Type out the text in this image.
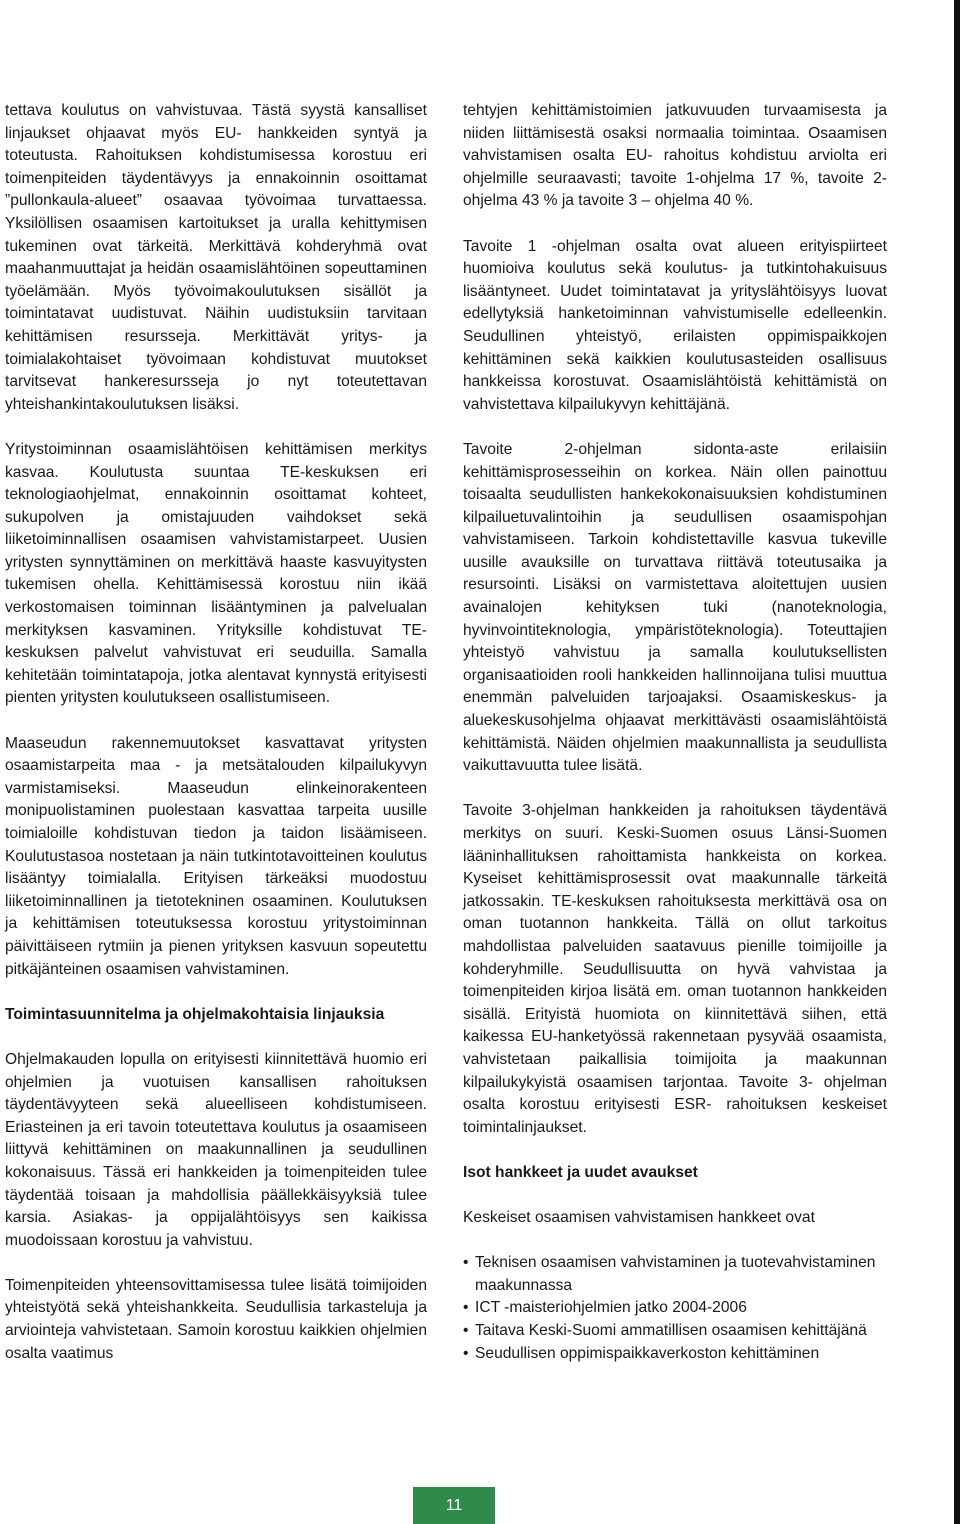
tettava koulutus on vahvistuvaa. Tästä syystä kansalliset linjaukset ohjaavat myös EU- hankkeiden syntyä ja toteutusta. Rahoituksen kohdistumisessa korostuu eri toimenpiteiden täydentävyys ja ennakoinnin osoittamat ”pullonkaula-alueet” osaavaa työvoimaa turvattaessa. Yksilöllisen osaamisen kartoitukset ja uralla kehittymisen tukeminen ovat tärkeitä. Merkittävä kohderyhmä ovat maahanmuuttajat ja heidän osaamislähtöinen sopeuttaminen työelämään. Myös työvoimakoulutuksen sisällöt ja toimintatavat uudistuvat. Näihin uudistuksiin tarvitaan kehittämisen resursseja. Merkittävät yritys- ja toimialakohtaiset työvoimaan kohdistuvat muutokset tarvitsevat hankeresursseja jo nyt toteutettavan yhteishankintakoulutuksen lisäksi.

Yritystoiminnan osaamislähtöisen kehittämisen merkitys kasvaa. Koulutusta suuntaa TE-keskuksen eri teknologiaohjelmat, ennakoinnin osoittamat kohteet, sukupolven ja omistajuuden vaihdokset sekä liiketoiminnallisen osaamisen vahvistamistarpeet. Uusien yritysten synnyttäminen on merkittävä haaste kasvuyitysten tukemisen ohella. Kehittämisessä korostuu niin ikää verkostomaisen toiminnan lisääntyminen ja palvelualan merkityksen kasvaminen. Yrityksille kohdistuvat TE-keskuksen palvelut vahvistuvat eri seuduilla. Samalla kehitetään toimintatapoja, jotka alentavat kynnystä erityisesti pienten yritysten koulutukseen osallistumiseen.

Maaseudun rakennemuutokset kasvattavat yritysten osaamistarpeita maa - ja metsätalouden kilpailukyvyn varmistamiseksi. Maaseudun elinkeinorakenteen monipuolistaminen puolestaan kasvattaa tarpeita uusille toimialoille kohdistuvan tiedon ja taidon lisäämiseen. Koulutustasoa nostetaan ja näin tutkintotavoitteinen koulutus lisääntyy toimialalla. Erityisen tärkeäksi muodostuu liiketoiminnallinen ja tietotekninen osaaminen. Koulutuksen ja kehittämisen toteutuksessa korostuu yritystoiminnan päivittäiseen rytmiin ja pienen yrityksen kasvuun sopeutettu pitkäjänteinen osaamisen vahvistaminen.

Toimintasuunnitelma ja ohjelmakohtaisia linjauksia

Ohjelmakauden lopulla on erityisesti kiinnitettävä huomio eri ohjelmien ja vuotuisen kansallisen rahoituksen täydentävyyteen sekä alueelliseen kohdistumiseen. Eriasteinen ja eri tavoin toteutettava koulutus ja osaamiseen liittyvä kehittäminen on maakunnallinen ja seudullinen kokonaisuus. Tässä eri hankkeiden ja toimenpiteiden tulee täydentää toisaan ja mahdollisia päällekkäisyyksiä tulee karsia. Asiakas- ja oppijalähtöisyys sen kaikissa muodoissaan korostuu ja vahvistuu.

Toimenpiteiden yhteensovittamisessa tulee lisätä toimijoiden yhteistyötä sekä yhteishankkeita. Seudullisia tarkasteluja ja arviointeja vahvistetaan. Samoin korostuu kaikkien ohjelmien osalta vaatimus

tehtyjen kehittämistoimien jatkuvuuden turvaamisesta ja niiden liittämisestä osaksi normaalia toimintaa. Osaamisen vahvistamisen osalta EU- rahoitus kohdistuu arviolta eri ohjelmille seuraavasti; tavoite 1-ohjelma 17 %, tavoite 2-ohjelma 43 % ja tavoite 3 – ohjelma 40 %.

Tavoite 1 -ohjelman osalta ovat alueen erityispiirteet huomioiva koulutus sekä koulutus- ja tutkintohakuisuus lisääntyneet. Uudet toimintatavat ja yrityslähtöisyys luovat edellytyksiä hanketoiminnan vahvistumiselle edelleenkin. Seudullinen yhteistyö, erilaisten oppimispaikkojen kehittäminen sekä kaikkien koulutusasteiden osallisuus hankkeissa korostuvat. Osaamislähtöistä kehittämistä on vahvistettava kilpailukyvyn kehittäjänä.

Tavoite 2-ohjelman sidonta-aste erilaisiin kehittämisprosesseihin on korkea. Näin ollen painottuu toisaalta seudullisten hankekokonaisuuksien kohdistuminen kilpailuetuvalintoihin ja seudullisen osaamispohjan vahvistamiseen. Tarkoin kohdistettaville kasvua tukeville uusille avauksille on turvattava riittävä toteutusaika ja resursointi. Lisäksi on varmistettava aloitettujen uusien avainalojen kehityksen tuki (nanoteknologia, hyvinvointiteknologia, ympäristöteknologia). Toteuttajien yhteistyö vahvistuu ja samalla koulutuksellisten organisaatioiden rooli hankkeiden hallinnoijana tulisi muuttua enemmän palveluiden tarjoajaksi. Osaamiskeskus- ja aluekeskusohjelma ohjaavat merkittävästi osaamislähtöistä kehittämistä. Näiden ohjelmien maakunnallista ja seudullista vaikuttavuutta tulee lisätä.

Tavoite 3-ohjelman hankkeiden ja rahoituksen täydentävä merkitys on suuri. Keski-Suomen osuus Länsi-Suomen lääninhallituksen rahoittamista hankkeista on korkea. Kyseiset kehittämisprosessit ovat maakunnalle tärkeitä jatkossakin. TE-keskuksen rahoituksesta merkittävä osa on oman tuotannon hankkeita. Tällä on ollut tarkoitus mahdollistaa palveluiden saatavuus pienille toimijoille ja kohderyhmille. Seudullisuutta on hyvä vahvistaa ja toimenpiteiden kirjoa lisätä em. oman tuotannon hankkeiden sisällä. Erityistä huomiota on kiinnitettävä siihen, että kaikessa EU-hanketyössä rakennetaan pysyvää osaamista, vahvistetaan paikallisia toimijoita ja maakunnan kilpailukykyistä osaamisen tarjontaa. Tavoite 3- ohjelman osalta korostuu erityisesti ESR- rahoituksen keskeiset toimintalinjaukset.

Isot hankkeet ja uudet avaukset

Keskeiset osaamisen vahvistamisen hankkeet ovat

• Teknisen osaamisen vahvistaminen ja tuotevahvistaminen maakunnassa
• ICT -maisteriohjelmien jatko 2004-2006
• Taitava Keski-Suomi ammatillisen osaamisen kehittäjänä
• Seudullisen oppimispaikkaverkoston kehittäminen
11
